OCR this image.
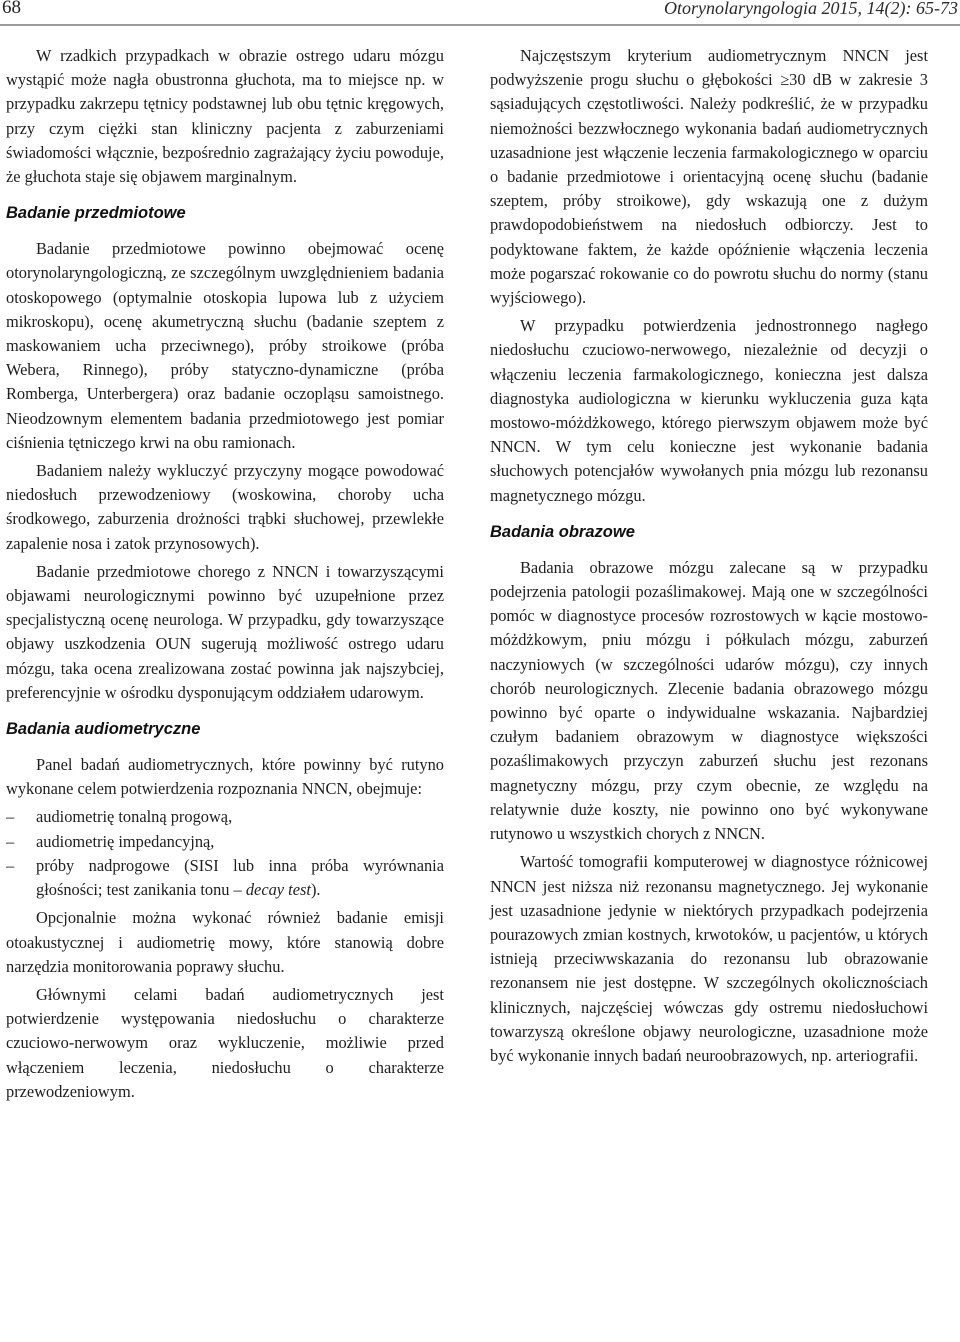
68	Otorynolaryngologia 2015, 14(2): 65-73

W rzadkich przypadkach w obrazie ostrego udaru mózgu wystąpić może nagła obustronna głuchota, ma to miejsce np. w przypadku zakrzepu tętnicy podstawnej lub obu tętnic kręgowych, przy czym ciężki stan kliniczny pacjenta z zaburzeniami świadomości włącznie, bezpośrednio zagrażający życiu powoduje, że głuchota staje się objawem marginalnym.

Badanie przedmiotowe

Badanie przedmiotowe powinno obejmować ocenę otorynolaryngologiczną, ze szczególnym uwzględnieniem badania otoskopowego (optymalnie otoskopia lupowa lub z użyciem mikroskopu), ocenę akumetryczną słuchu (badanie szeptem z maskowaniem ucha przeciwnego), próby stroikowe (próba Webera, Rinnego), próby statyczno-dynamiczne (próba Romberga, Unterbergera) oraz badanie oczopląsu samoistnego. Nieodzownym elementem badania przedmiotowego jest pomiar ciśnienia tętniczego krwi na obu ramionach.

Badaniem należy wykluczyć przyczyny mogące powodować niedosłuch przewodzeniowy (woskowina, choroby ucha środkowego, zaburzenia drożności trąbki słuchowej, przewlekłe zapalenie nosa i zatok przynosowych).

Badanie przedmiotowe chorego z NNCN i towarzyszącymi objawami neurologicznymi powinno być uzupełnione przez specjalistyczną ocenę neurologa. W przypadku, gdy towarzyszące objawy uszkodzenia OUN sugerują możliwość ostrego udaru mózgu, taka ocena zrealizowana zostać powinna jak najszybciej, preferencyjnie w ośrodku dysponującym oddziałem udarowym.

Badania audiometryczne

Panel badań audiometrycznych, które powinny być rutyno wykonane celem potwierdzenia rozpoznania NNCN, obejmuje:

– audiometrię tonalną progową,

– audiometrię impedancyjną,

– próby nadprogowe (SISI lub inna próba wyrównania głośności; test zanikania tonu – decay test).

Opcjonalnie można wykonać również badanie emisji otoakustycznej i audiometrię mowy, które stanowią dobre narzędzia monitorowania poprawy słuchu.

Głównymi celami badań audiometrycznych jest potwierdzenie występowania niedosłuchu o charakterze czuciowo-nerwowym oraz wykluczenie, możliwie przed włączeniem leczenia, niedosłuchu o charakterze przewodzeniowym.

Najczęstszym kryterium audiometrycznym NNCN jest podwyższenie progu słuchu o głębokości ≥30 dB w zakresie 3 sąsiadujących częstotliwości. Należy podkreślić, że w przypadku niemożności bezzwłocznego wykonania badań audiometrycznych uzasadnione jest włączenie leczenia farmakologicznego w oparciu o badanie przedmiotowe i orientacyjną ocenę słuchu (badanie szeptem, próby stroikowe), gdy wskazują one z dużym prawdopodobieństwem na niedosłuch odbiorczy. Jest to podyktowane faktem, że każde opóźnienie włączenia leczenia może pogarszać rokowanie co do powrotu słuchu do normy (stanu wyjściowego).

W przypadku potwierdzenia jednostronnego nagłego niedosłuchu czuciowo-nerwowego, niezależnie od decyzji o włączeniu leczenia farmakologicznego, konieczna jest dalsza diagnostyka audiologiczna w kierunku wykluczenia guza kąta mostowo-móżdżkowego, którego pierwszym objawem może być NNCN. W tym celu konieczne jest wykonanie badania słuchowych potencjałów wywołanych pnia mózgu lub rezonansu magnetycznego mózgu.

Badania obrazowe

Badania obrazowe mózgu zalecane są w przypadku podejrzenia patologii pozaślimakowej. Mają one w szczególności pomóc w diagnostyce procesów rozrostowych w kącie mostowo-móżdżkowym, pniu mózgu i półkulach mózgu, zaburzeń naczyniowych (w szczególności udarów mózgu), czy innych chorób neurologicznych. Zlecenie badania obrazowego mózgu powinno być oparte o indywidualne wskazania. Najbardziej czułym badaniem obrazowym w diagnostyce większości pozaślimakowych przyczyn zaburzeń słuchu jest rezonans magnetyczny mózgu, przy czym obecnie, ze względu na relatywnie duże koszty, nie powinno ono być wykonywane rutynowo u wszystkich chorych z NNCN.

Wartość tomografii komputerowej w diagnostyce różnicowej NNCN jest niższa niż rezonansu magnetycznego. Jej wykonanie jest uzasadnione jedynie w niektórych przypadkach podejrzenia pourazowych zmian kostnych, krwotoków, u pacjentów, u których istnieją przeciwwskazania do rezonansu lub obrazowanie rezonansem nie jest dostępne. W szczególnych okolicznościach klinicznych, najczęściej wówczas gdy ostremu niedosłuchowi towarzyszą określone objawy neurologiczne, uzasadnione może być wykonanie innych badań neuroobrazowych, np. arteriografii.
